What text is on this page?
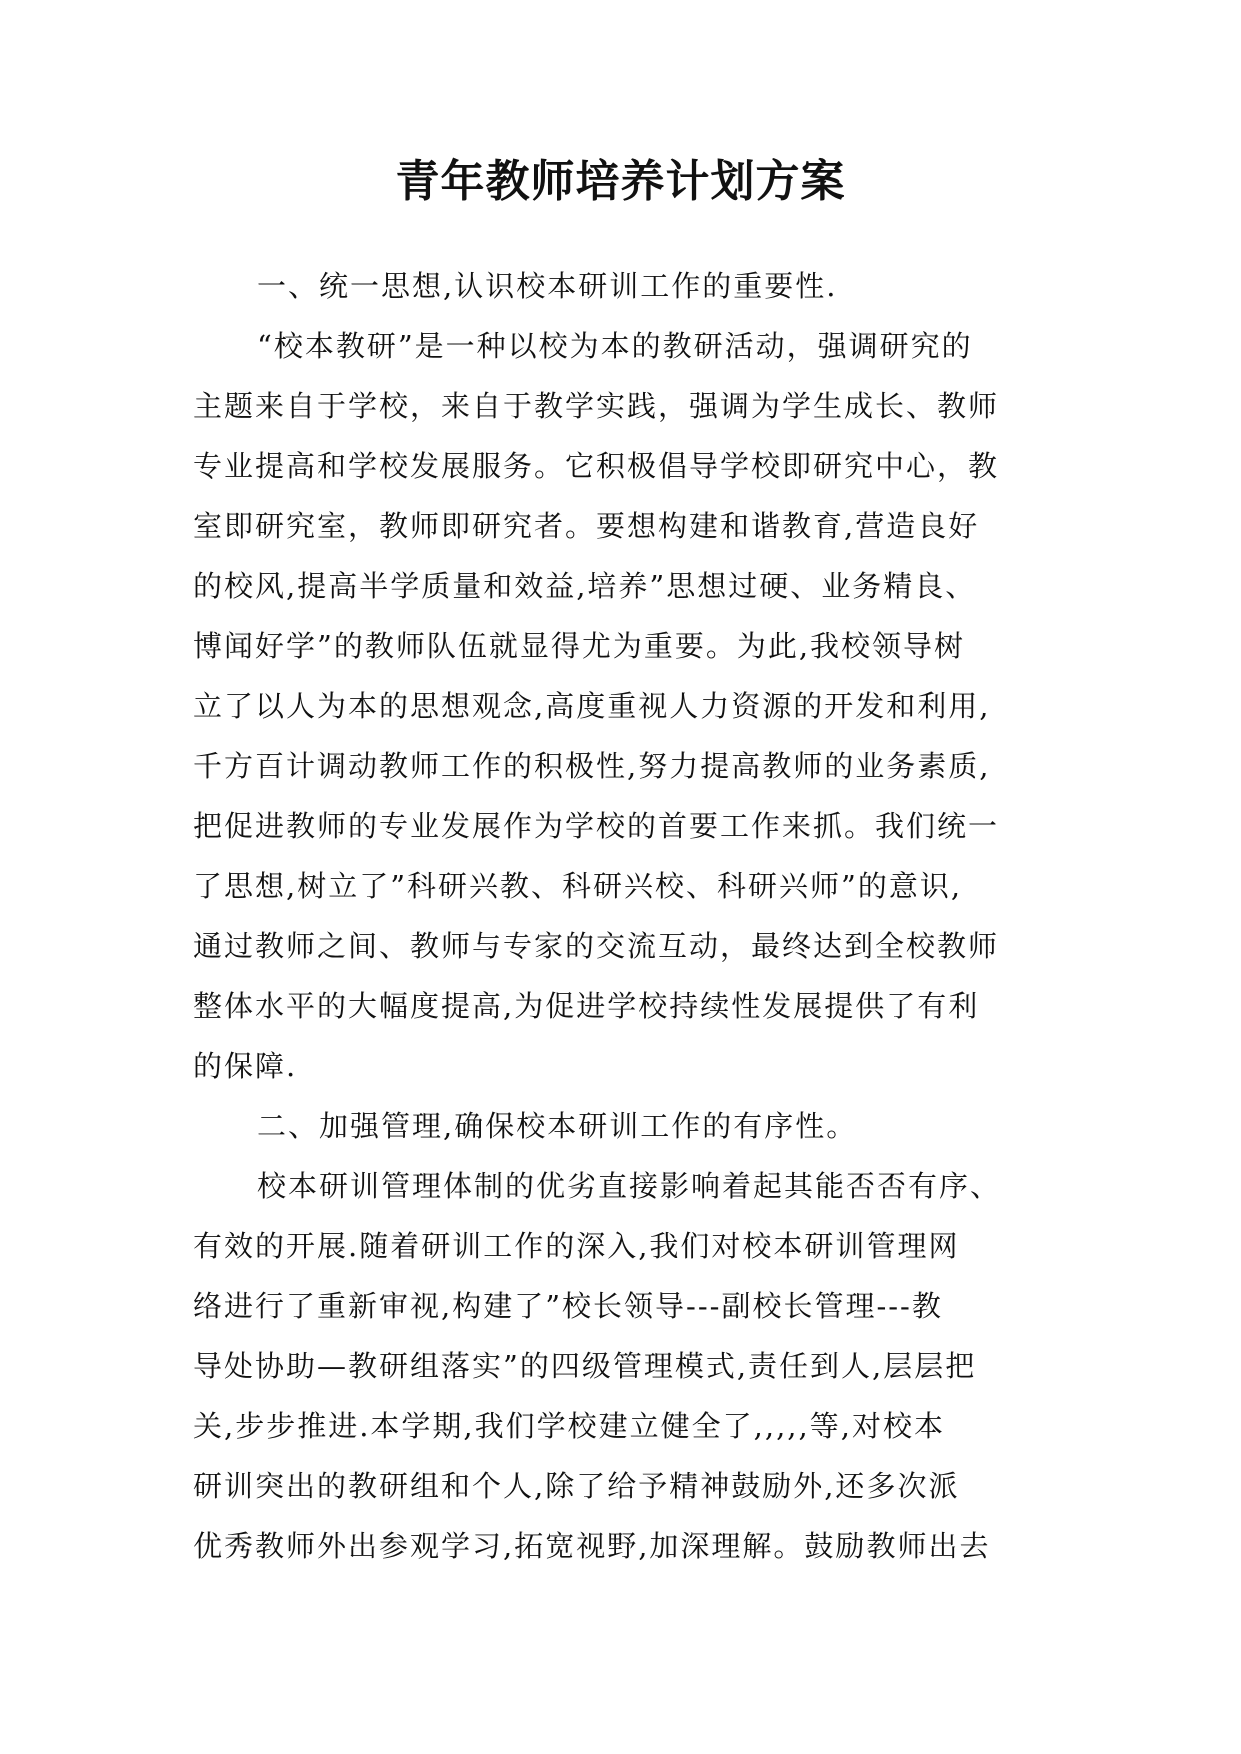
青年教师培养计划方案
一、统一思想,认识校本研训工作的重要性.
“校本教研”是一种以校为本的教研活动，强调研究的
主题来自于学校，来自于教学实践，强调为学生成长、教师
专业提高和学校发展服务。它积极倡导学校即研究中心，教
室即研究室，教师即研究者。要想构建和谐教育,营造良好
的校风,提高半学质量和效益,培养”思想过硬、业务精良、
博闻好学”的教师队伍就显得尤为重要。为此,我校领导树
立了以人为本的思想观念,高度重视人力资源的开发和利用,
千方百计调动教师工作的积极性,努力提高教师的业务素质,
把促进教师的专业发展作为学校的首要工作来抓。我们统一
了思想,树立了”科研兴教、科研兴校、科研兴师”的意识,
通过教师之间、教师与专家的交流互动，最终达到全校教师
整体水平的大幅度提高,为促进学校持续性发展提供了有利
的保障.
二、加强管理,确保校本研训工作的有序性。
校本研训管理体制的优劣直接影响着起其能否否有序、
有效的开展.随着研训工作的深入,我们对校本研训管理网
络进行了重新审视,构建了”校长领导---副校长管理---教
导处协助—教研组落实”的四级管理模式,责任到人,层层把
关,步步推进.本学期,我们学校建立健全了,,,,,等,对校本
研训突出的教研组和个人,除了给予精神鼓励外,还多次派
优秀教师外出参观学习,拓宽视野,加深理解。鼓励教师出去
